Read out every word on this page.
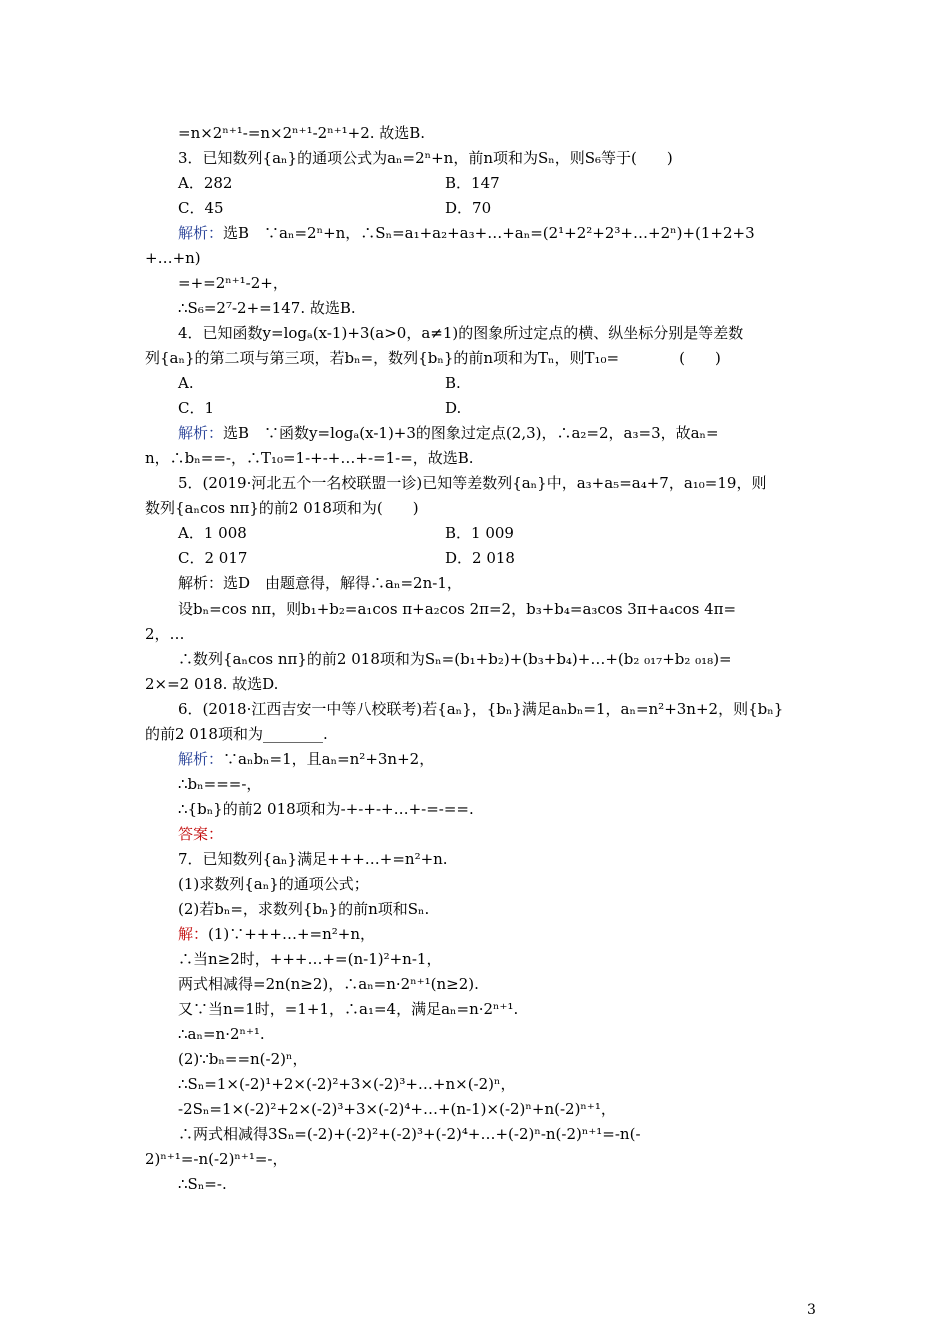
=n×2ⁿ⁺¹-=n×2ⁿ⁺¹-2ⁿ⁺¹+2. 故选B.
3．已知数列{aₙ}的通项公式为aₙ=2ⁿ+n，前n项和为Sₙ，则S₆等于(　　)
A．282	B．147
C．45	D．70
解析：选B　∵aₙ=2ⁿ+n，∴Sₙ=a₁+a₂+a₃+…+aₙ=(2¹+2²+2³+…+2ⁿ)+(1+2+3
+…+n)
=+=2ⁿ⁺¹-2+，
∴S₆=2⁷-2+=147. 故选B.
4．已知函数y=logₐ(x-1)+3(a>0，a≠1)的图象所过定点的横、纵坐标分别是等差数
列{aₙ}的第二项与第三项，若bₙ=，数列{bₙ}的前n项和为Tₙ，则T₁₀=　　　　(　　)
A.	B.
C．1	D.
解析：选B　∵函数y=logₐ(x-1)+3的图象过定点(2,3)，∴a₂=2，a₃=3，故aₙ=
n，∴bₙ==-，∴T₁₀=1-+-+…+-=1-=，故选B.
5．(2019·河北五个一名校联盟一诊)已知等差数列{aₙ}中，a₃+a₅=a₄+7，a₁₀=19，则
数列{aₙcos nπ}的前2 018项和为(　　)
A．1 008	B．1 009
C．2 017	D．2 018
解析：选D　由题意得，解得∴aₙ=2n-1，
设bₙ=cos nπ，则b₁+b₂=a₁cos π+a₂cos 2π=2，b₃+b₄=a₃cos 3π+a₄cos 4π=
2，…
∴数列{aₙcos nπ}的前2 018项和为Sₙ=(b₁+b₂)+(b₃+b₄)+…+(b₂ ₀₁₇+b₂ ₀₁₈)=
2×=2 018. 故选D.
6．(2018·江西吉安一中等八校联考)若{aₙ}，{bₙ}满足aₙbₙ=1，aₙ=n²+3n+2，则{bₙ}
的前2 018项和为________.
解析：∵aₙbₙ=1，且aₙ=n²+3n+2，
∴bₙ===-，
∴{bₙ}的前2 018项和为-+-+-+…+-=-==.
答案：
7．已知数列{aₙ}满足+++…+=n²+n.
(1)求数列{aₙ}的通项公式；
(2)若bₙ=，求数列{bₙ}的前n项和Sₙ.
解：(1)∵+++…+=n²+n，
∴当n≥2时，+++…+=(n-1)²+n-1，
两式相减得=2n(n≥2)，∴aₙ=n·2ⁿ⁺¹(n≥2).
又∵当n=1时，=1+1，∴a₁=4，满足aₙ=n·2ⁿ⁺¹.
∴aₙ=n·2ⁿ⁺¹.
(2)∵bₙ==n(-2)ⁿ，
∴Sₙ=1×(-2)¹+2×(-2)²+3×(-2)³+…+n×(-2)ⁿ，
-2Sₙ=1×(-2)²+2×(-2)³+3×(-2)⁴+…+(n-1)×(-2)ⁿ+n(-2)ⁿ⁺¹，
∴两式相减得3Sₙ=(-2)+(-2)²+(-2)³+(-2)⁴+…+(-2)ⁿ-n(-2)ⁿ⁺¹=-n(-
2)ⁿ⁺¹=-n(-2)ⁿ⁺¹=-，
∴Sₙ=-.
3
